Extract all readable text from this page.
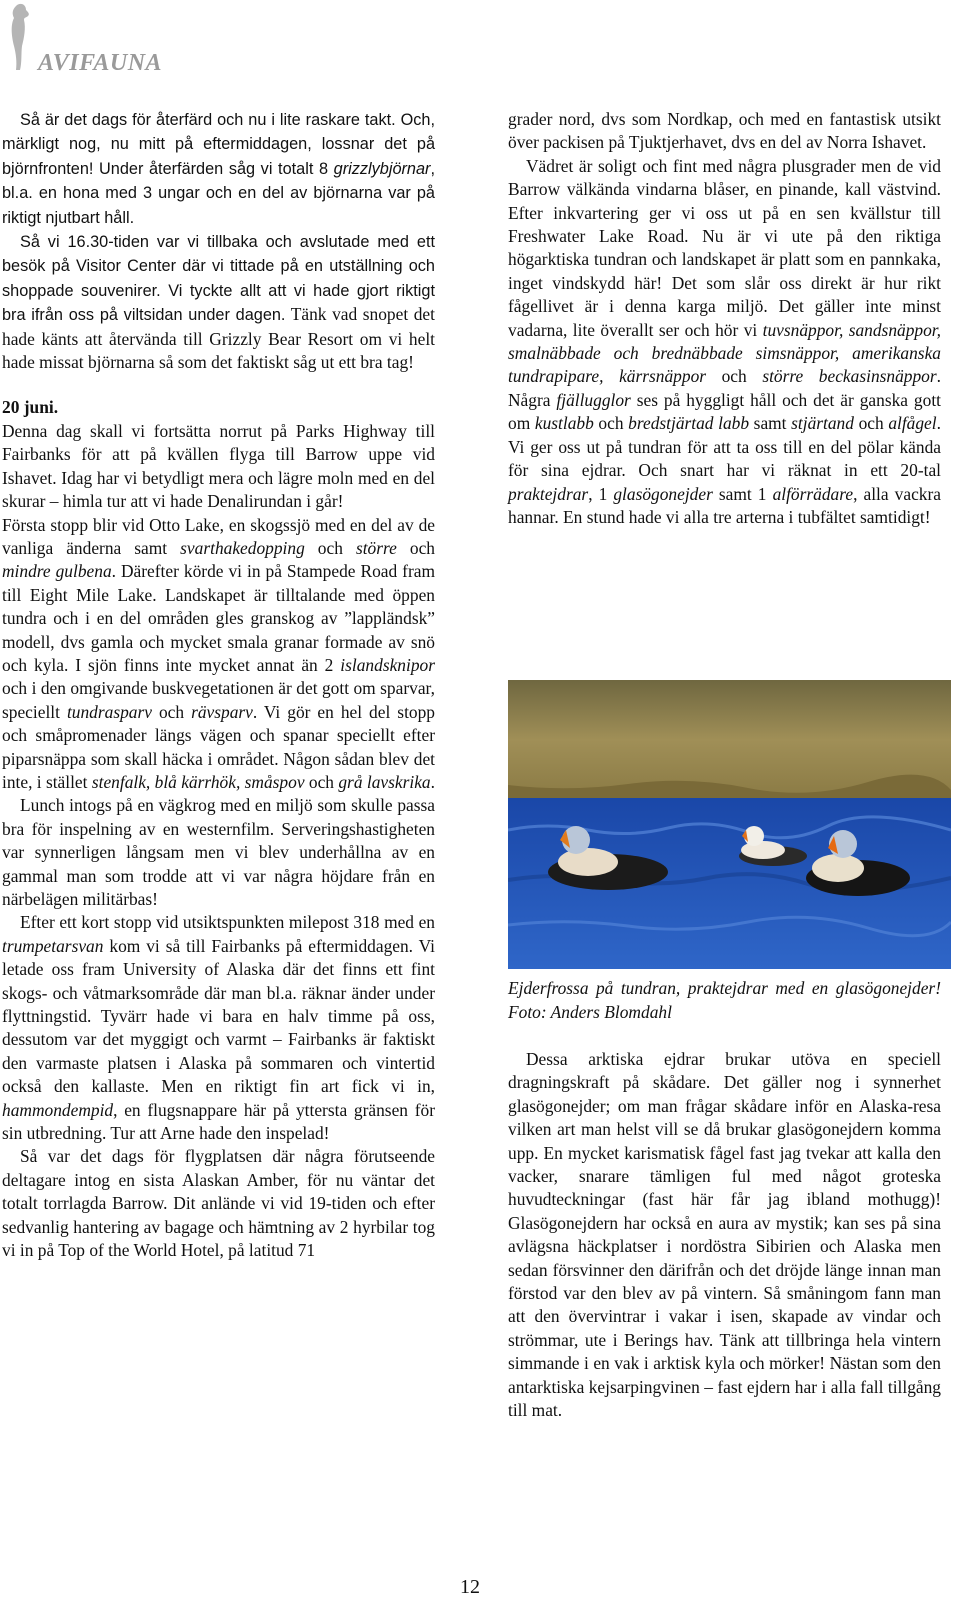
AVIFAUNA

Så är det dags för återfärd och nu i lite raskare takt. Och, märkligt nog, nu mitt på eftermiddagen, lossnar det på björnfronten! Under återfärden såg vi totalt 8 grizzlybjörnar, bl.a. en hona med 3 ungar och en del av björnarna var på riktigt njutbart håll.

Så vi 16.30-tiden var vi tillbaka och avslutade med ett besök på Visitor Center där vi tittade på en utställning och shoppade souvenirer. Vi tyckte allt att vi hade gjort riktigt bra ifrån oss på viltsidan under dagen. Tänk vad snopet det hade känts att återvända till Grizzly Bear Resort om vi helt hade missat björnarna så som det faktiskt såg ut ett bra tag!

20 juni.

Denna dag skall vi fortsätta norrut på Parks Highway till Fairbanks för att på kvällen flyga till Barrow uppe vid Ishavet. Idag har vi betydligt mera och lägre moln med en del skurar – himla tur att vi hade Denalirundan i går!

Första stopp blir vid Otto Lake, en skogssjö med en del av de vanliga änderna samt svarthakedopping och större och mindre gulbena. Därefter körde vi in på Stampede Road fram till Eight Mile Lake. Landskapet är tilltalande med öppen tundra och i en del områden gles granskog av ”lappländsk” modell, dvs gamla och mycket smala granar formade av snö och kyla. I sjön finns inte mycket annat än 2 islandsknipor och i den omgivande buskvegetationen är det gott om sparvar, speciellt tundrasparv och rävsparv. Vi gör en hel del stopp och småpromenader längs vägen och spanar speciellt efter piparsnäppa som skall häcka i området. Någon sådan blev det inte, i stället stenfalk, blå kärrhök, småspov och grå lavskrika.

Lunch intogs på en vägkrog med en miljö som skulle passa bra för inspelning av en westernfilm. Serveringshastigheten var synnerligen långsam men vi blev underhållna av en gammal man som trodde att vi var några höjdare från en närbelägen militärbas!

Efter ett kort stopp vid utsiktspunkten milepost 318 med en trumpetarsvan kom vi så till Fairbanks på eftermiddagen. Vi letade oss fram University of Alaska där det finns ett fint skogs- och våtmarksområde där man bl.a. räknar änder under flyttningstid. Tyvärr hade vi bara en halv timme på oss, dessutom var det myggigt och varmt – Fairbanks är faktiskt den varmaste platsen i Alaska på sommaren och vintertid också den kallaste. Men en riktigt fin art fick vi in, hammondempid, en flugsnappare här på yttersta gränsen för sin utbredning. Tur att Arne hade den inspelad!

Så var det dags för flygplatsen där några förutseende deltagare intog en sista Alaskan Amber, för nu väntar det totalt torrlagda Barrow. Dit anlände vi vid 19-tiden och efter sedvanlig hantering av bagage och hämtning av 2 hyrbilar tog vi in på Top of the World Hotel, på latitud 71

grader nord, dvs som Nordkap, och med en fantastisk utsikt över packisen på Tjuktjerhavet, dvs en del av Norra Ishavet.

Vädret är soligt och fint med några plusgrader men de vid Barrow välkända vindarna blåser, en pinande, kall västvind. Efter inkvartering ger vi oss ut på en sen kvällstur till Freshwater Lake Road. Nu är vi ute på den riktiga högarktiska tundran och landskapet är platt som en pannkaka, inget vindskydd här! Det som slår oss direkt är hur rikt fågellivet är i denna karga miljö. Det gäller inte minst vadarna, lite överallt ser och hör vi tuvsnäppor, sandsnäppor, smalnäbbade och brednäbbade simsnäppor, amerikanska tundrapipare, kärrsnäppor och större beckasinsnäppor. Några fjällugglor ses på hyggligt håll och det är ganska gott om kustlabb och bredstjärtad labb samt stjärtand och alfågel. Vi ger oss ut på tundran för att ta oss till en del pölar kända för sina ejdrar. Och snart har vi räknat in ett 20-tal praktejdrar, 1 glasögonejder samt 1 alförrädare, alla vackra hannar. En stund hade vi alla tre arterna i tubfältet samtidigt!

Ejderfrossa på tundran, praktejdrar med en glasögonejder! Foto: Anders Blomdahl

Dessa arktiska ejdrar brukar utöva en speciell dragningskraft på skådare. Det gäller nog i synnerhet glasögonejder; om man frågar skådare inför en Alaska-resa vilken art man helst vill se då brukar glasögonejdern komma upp. En mycket karismatisk fågel fast jag tvekar att kalla den vacker, snarare tämligen ful med något groteska huvudteckningar (fast här får jag ibland mothugg)! Glasögonejdern har också en aura av mystik; kan ses på sina avlägsna häckplatser i nordöstra Sibirien och Alaska men sedan försvinner den därifrån och det dröjde länge innan man förstod var den blev av på vintern. Så småningom fann man att den övervintrar i vakar i isen, skapade av vindar och strömmar, ute i Berings hav. Tänk att tillbringa hela vintern simmande i en vak i arktisk kyla och mörker! Nästan som den antarktiska kejsarpingvinen – fast ejdern har i alla fall tillgång till mat.

12
